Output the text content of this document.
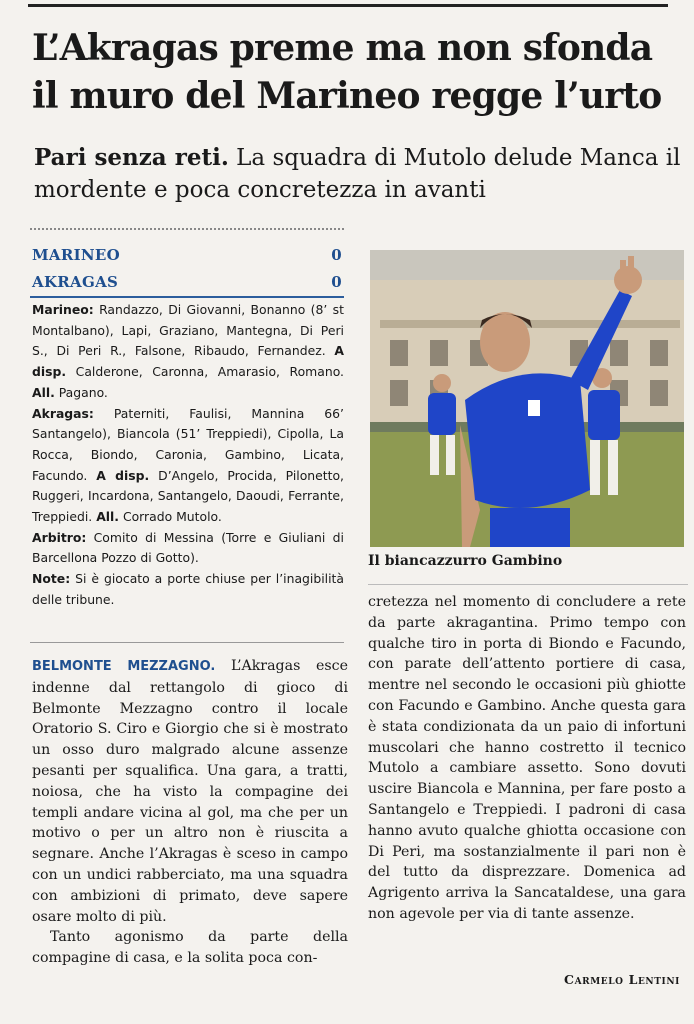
L’Akragas preme ma non sfonda il muro del Marineo regge l’urto

Pari senza reti. La squadra di Mutolo delude Manca il mordente e poca concretezza in avanti

MARINEO	0
AKRAGAS	0

Marineo: Randazzo, Di Giovanni, Bonanno (8’ st Montalbano), Lapi, Graziano, Mantegna, Di Peri S., Di Peri R., Falsone, Ribaudo, Fernandez. A disp. Calderone, Caronna, Amarasio, Romano. All. Pagano.

Akragas: Paterniti, Faulisi, Mannina 66’ Santangelo), Biancola (51’ Treppiedi), Cipolla, La Rocca, Biondo, Caronia, Gambino, Licata, Facundo. A disp. D’Angelo, Procida, Pilonetto, Ruggeri, Incardona, Santangelo, Daoudi, Ferrante, Treppiedi. All. Corrado Mutolo.

Arbitro: Comito di Messina (Torre e Giuliani di Barcellona Pozzo di Gotto).

Note: Si è giocato a porte chiuse per l’inagibilità delle tribune.

Il biancazzurro Gambino

BELMONTE MEZZAGNO. L’Akragas esce indenne dal rettangolo di gioco di Belmonte Mezzagno contro il locale Oratorio S. Ciro e Giorgio che si è mostrato un osso duro malgrado alcune assenze pesanti per squalifica. Una gara, a tratti, noiosa, che ha visto la compagine dei templi andare vicina al gol, ma che per un motivo o per un altro non è riuscita a segnare. Anche l’Akragas è sceso in campo con un undici rabberciato, ma una squadra con ambizioni di primato, deve sapere osare molto di più.

Tanto agonismo da parte della compagine di casa, e la solita poca con-

cretezza nel momento di concludere a rete da parte akragantina. Primo tempo con qualche tiro in porta di Biondo e Facundo, con parate dell’attento portiere di casa, mentre nel secondo le occasioni più ghiotte con Facundo e Gambino. Anche questa gara è stata condizionata da un paio di infortuni muscolari che hanno costretto il tecnico Mutolo a cambiare assetto. Sono dovuti uscire Biancola e Mannina, per fare posto a Santangelo e Treppiedi. I padroni di casa hanno avuto qualche ghiotta occasione con Di Peri, ma sostanzialmente il pari non è del tutto da disprezzare. Domenica ad Agrigento arriva la Sancataldese, una gara non agevole per via di tante assenze.

Carmelo Lentini
